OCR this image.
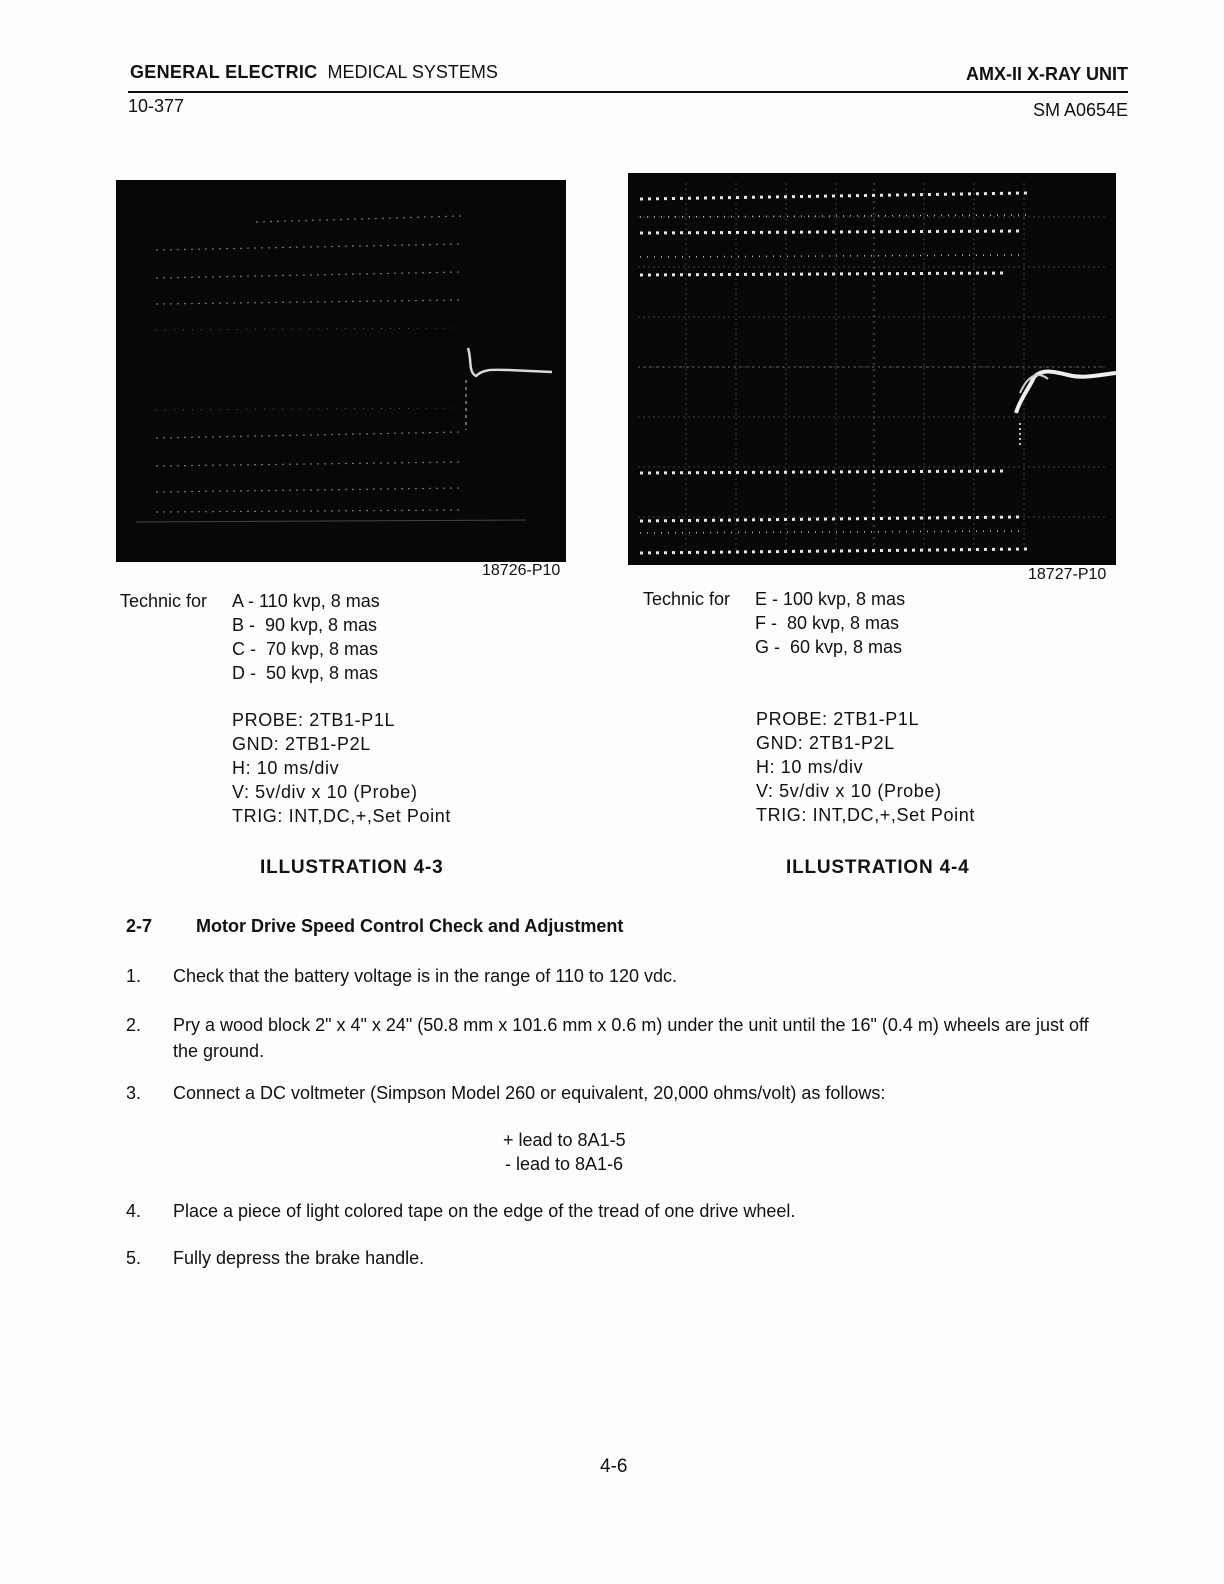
GENERAL ELECTRIC MEDICAL SYSTEMS	AMX-II X-RAY UNIT
10-377	SM A0654E
18726-P10	18727-P10
Technic for A - 110 kvp, 8 mas
B -  90 kvp, 8 mas
C -  70 kvp, 8 mas
D -  50 kvp, 8 mas
PROBE: 2TB1-P1L
GND: 2TB1-P2L
H: 10 ms/div
V: 5v/div x 10 (Probe)
TRIG: INT,DC,+,Set Point
ILLUSTRATION 4-3
Technic for E - 100 kvp, 8 mas
F -  80 kvp, 8 mas
G -  60 kvp, 8 mas
PROBE: 2TB1-P1L
GND: 2TB1-P2L
H: 10 ms/div
V: 5v/div x 10 (Probe)
TRIG: INT,DC,+,Set Point
ILLUSTRATION 4-4
2-7 Motor Drive Speed Control Check and Adjustment
1.	Check that the battery voltage is in the range of 110 to 120 vdc.
2.	Pry a wood block 2" x 4" x 24" (50.8 mm x 101.6 mm x 0.6 m) under the unit until the 16" (0.4 m) wheels are just off the ground.
3.	Connect a DC voltmeter (Simpson Model 260 or equivalent, 20,000 ohms/volt) as follows:
+ lead to 8A1-5
- lead to 8A1-6
4.	Place a piece of light colored tape on the edge of the tread of one drive wheel.
5.	Fully depress the brake handle.
4-6
